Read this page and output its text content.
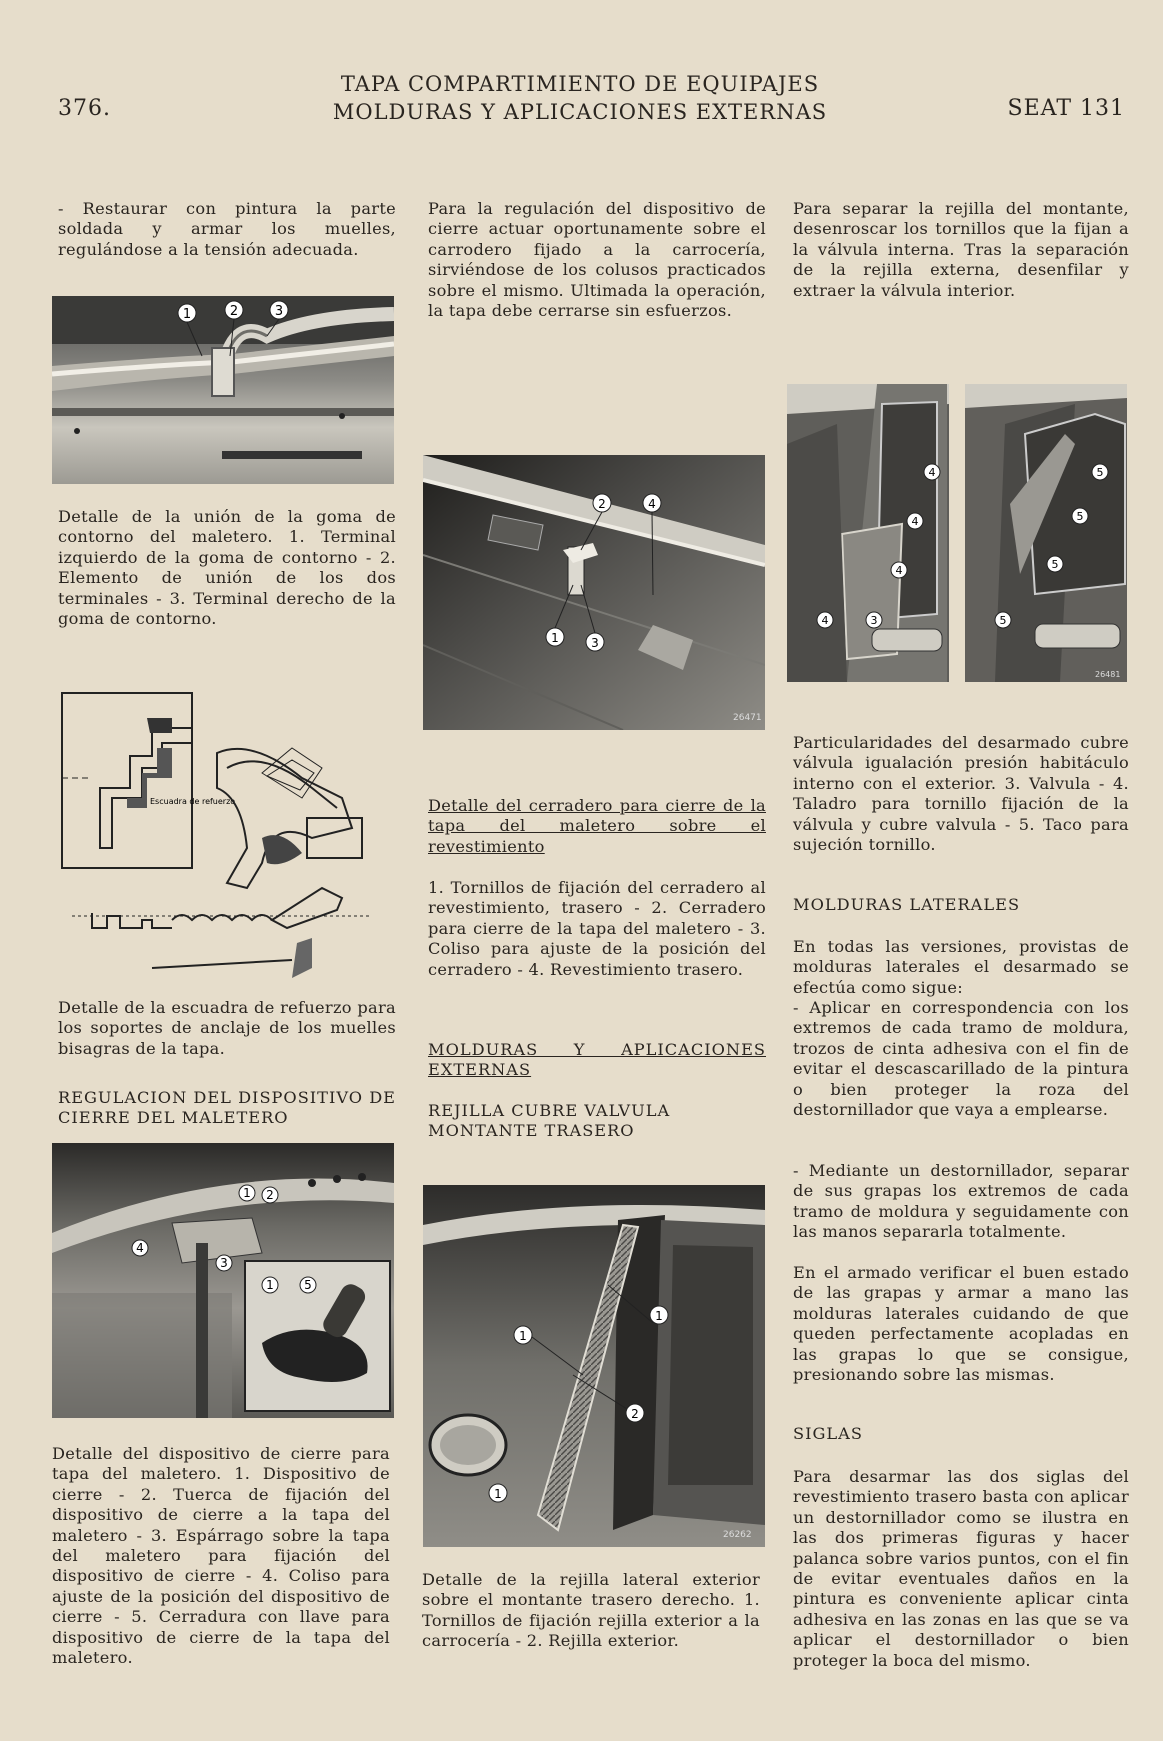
376.
TAPA COMPARTIMIENTO DE EQUIPAJES
MOLDURAS Y APLICACIONES EXTERNAS	SEAT 131
- Restaurar con pintura la parte soldada y armar los muelles, regulándose a la tensión adecuada.
1	2	3
Detalle de la unión de la goma de contorno del maletero. 1. Terminal izquierdo de la goma de contorno - 2. Elemento de unión de los dos terminales - 3. Terminal derecho de la goma de contorno.
Escuadra de refuerzo
Detalle de la escuadra de refuerzo para los soportes de anclaje de los muelles bisagras de la tapa.
REGULACION DEL DISPOSITIVO DE CIERRE DEL MALETERO
1 2
4
3
1	5
Detalle del dispositivo de cierre para tapa del maletero. 1. Dispositivo de cierre - 2. Tuerca de fijación del dispositivo de cierre a la tapa del maletero - 3. Espárrago sobre la tapa del maletero para fijación del dispositivo de cierre - 4. Coliso para ajuste de la posición del dispositivo de cierre - 5. Cerradura con llave para dispositivo de cierre de la tapa del maletero.
Para la regulación del dispositivo de cierre actuar oportunamente sobre el carrodero fijado a la carrocería, sirviéndose de los colusos practicados sobre el mismo. Ultimada la operación, la tapa debe cerrarse sin esfuerzos.
2	4
1	3
26471
Detalle del cerradero para cierre de la tapa del maletero sobre el revestimiento
1. Tornillos de fijación del cerradero al revestimiento, trasero - 2. Cerradero para cierre de la tapa del maletero - 3. Coliso para ajuste de la posición del cerradero - 4. Revestimiento trasero.
MOLDURAS Y APLICACIONES EXTERNAS
REJILLA CUBRE VALVULA MONTANTE TRASERO
1
1
2
1
26262
Detalle de la rejilla lateral exterior sobre el montante trasero derecho. 1. Tornillos de fijación rejilla exterior a la carrocería - 2. Rejilla exterior.
Para separar la rejilla del montante, desenroscar los tornillos que la fijan a la válvula interna. Tras la separación de la rejilla externa, desenfilar y extraer la válvula interior.
4
4
4
4	3
26481
5
5
5
5
Particularidades del desarmado cubre válvula igualación presión habitáculo interno con el exterior. 3. Valvula - 4. Taladro para tornillo fijación de la válvula y cubre valvula - 5. Taco para sujeción tornillo.
MOLDURAS LATERALES
En todas las versiones, provistas de molduras laterales el desarmado se efectúa como sigue:
- Aplicar en correspondencia con los extremos de cada tramo de moldura, trozos de cinta adhesiva con el fin de evitar el descascarillado de la pintura o bien proteger la roza del destornillador que vaya a emplearse.
- Mediante un destornillador, separar de sus grapas los extremos de cada tramo de moldura y seguidamente con las manos separarla totalmente.
En el armado verificar el buen estado de las grapas y armar a mano las molduras laterales cuidando de que queden perfectamente acopladas en las grapas lo que se consigue, presionando sobre las mismas.
SIGLAS
Para desarmar las dos siglas del revestimiento trasero basta con aplicar un destornillador como se ilustra en las dos primeras figuras y hacer palanca sobre varios puntos, con el fin de evitar eventuales daños en la pintura es conveniente aplicar cinta adhesiva en las zonas en las que se va aplicar el destornillador o bien proteger la boca del mismo.
